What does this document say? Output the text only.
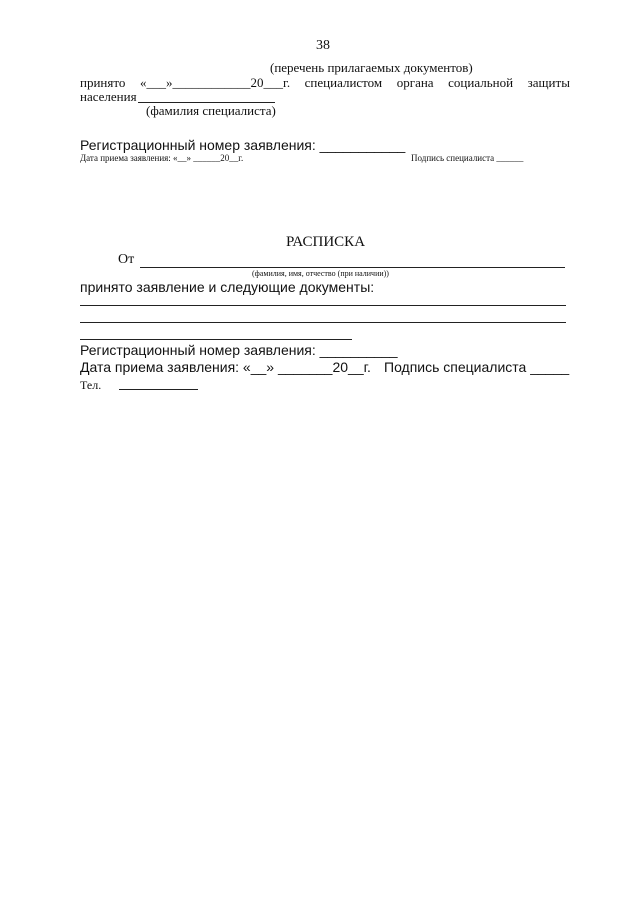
38
(перечень прилагаемых документов)
принято «___»____________20___г. специалистом органа социальной защиты
населения
(фамилия специалиста)
Регистрационный номер заявления: ___________
Дата приема заявления: «__» ______20__г.	Подпись специалиста ______
РАСПИСКА
От
(фамилия, имя, отчество (при наличии))
принято заявление и следующие документы:
Регистрационный номер заявления: __________
Дата приема заявления: «__» _______20__г. Подпись специалиста _____
Тел.
